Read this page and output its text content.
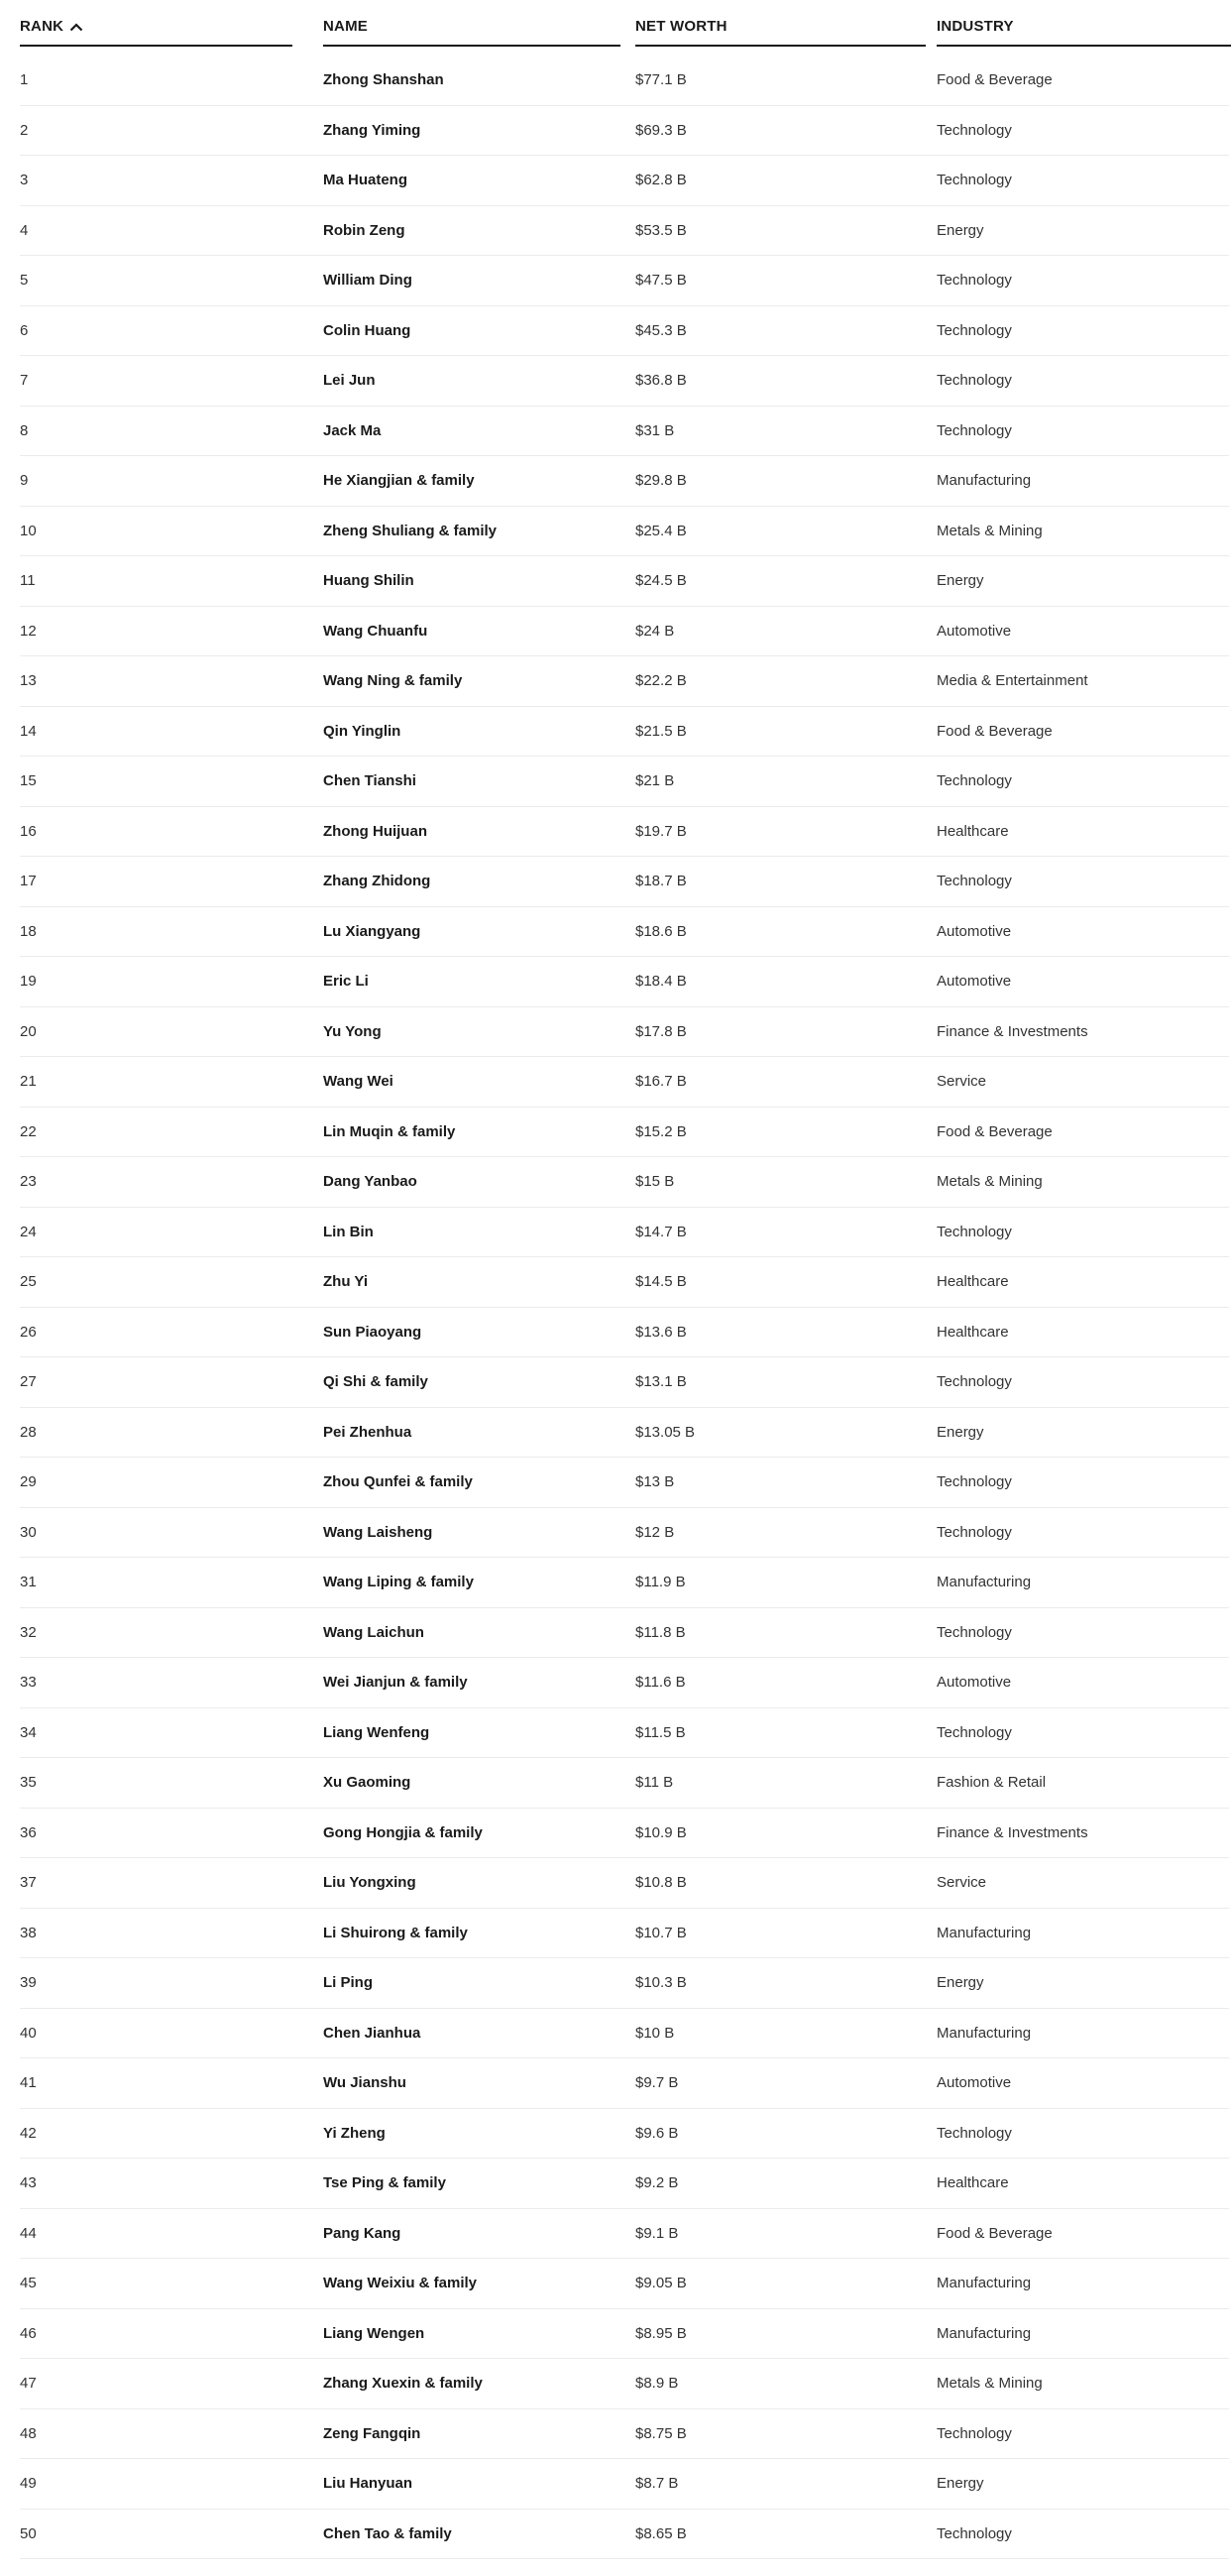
RANK	NAME	NET WORTH	INDUSTRY
1	Zhong Shanshan	$77.1 B	Food & Beverage
2	Zhang Yiming	$69.3 B	Technology
3	Ma Huateng	$62.8 B	Technology
4	Robin Zeng	$53.5 B	Energy
5	William Ding	$47.5 B	Technology
6	Colin Huang	$45.3 B	Technology
7	Lei Jun	$36.8 B	Technology
8	Jack Ma	$31 B	Technology
9	He Xiangjian & family	$29.8 B	Manufacturing
10	Zheng Shuliang & family	$25.4 B	Metals & Mining
11	Huang Shilin	$24.5 B	Energy
12	Wang Chuanfu	$24 B	Automotive
13	Wang Ning & family	$22.2 B	Media & Entertainment
14	Qin Yinglin	$21.5 B	Food & Beverage
15	Chen Tianshi	$21 B	Technology
16	Zhong Huijuan	$19.7 B	Healthcare
17	Zhang Zhidong	$18.7 B	Technology
18	Lu Xiangyang	$18.6 B	Automotive
19	Eric Li	$18.4 B	Automotive
20	Yu Yong	$17.8 B	Finance & Investments
21	Wang Wei	$16.7 B	Service
22	Lin Muqin & family	$15.2 B	Food & Beverage
23	Dang Yanbao	$15 B	Metals & Mining
24	Lin Bin	$14.7 B	Technology
25	Zhu Yi	$14.5 B	Healthcare
26	Sun Piaoyang	$13.6 B	Healthcare
27	Qi Shi & family	$13.1 B	Technology
28	Pei Zhenhua	$13.05 B	Energy
29	Zhou Qunfei & family	$13 B	Technology
30	Wang Laisheng	$12 B	Technology
31	Wang Liping & family	$11.9 B	Manufacturing
32	Wang Laichun	$11.8 B	Technology
33	Wei Jianjun & family	$11.6 B	Automotive
34	Liang Wenfeng	$11.5 B	Technology
35	Xu Gaoming	$11 B	Fashion & Retail
36	Gong Hongjia & family	$10.9 B	Finance & Investments
37	Liu Yongxing	$10.8 B	Service
38	Li Shuirong & family	$10.7 B	Manufacturing
39	Li Ping	$10.3 B	Energy
40	Chen Jianhua	$10 B	Manufacturing
41	Wu Jianshu	$9.7 B	Automotive
42	Yi Zheng	$9.6 B	Technology
43	Tse Ping & family	$9.2 B	Healthcare
44	Pang Kang	$9.1 B	Food & Beverage
45	Wang Weixiu & family	$9.05 B	Manufacturing
46	Liang Wengen	$8.95 B	Manufacturing
47	Zhang Xuexin & family	$8.9 B	Metals & Mining
48	Zeng Fangqin	$8.75 B	Technology
49	Liu Hanyuan	$8.7 B	Energy
50	Chen Tao & family	$8.65 B	Technology
